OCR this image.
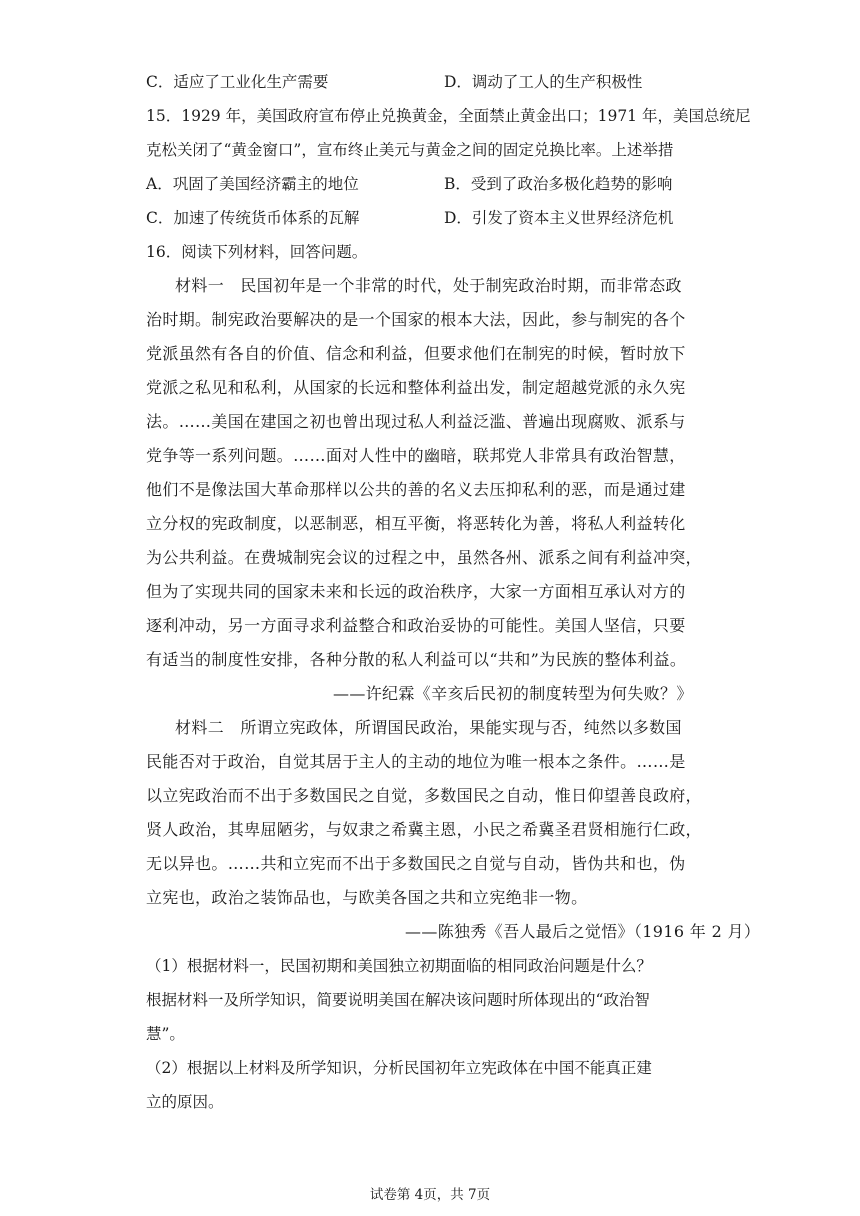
C．适应了工业化生产需要	D．调动了工人的生产积极性
15．1929 年，美国政府宣布停止兑换黄金，全面禁止黄金出口；1971 年，美国总统尼
克松关闭了“黄金窗口”，宣布终止美元与黄金之间的固定兑换比率。上述举措
A．巩固了美国经济霸主的地位	B．受到了政治多极化趋势的影响
C．加速了传统货币体系的瓦解	D．引发了资本主义世界经济危机
16．阅读下列材料，回答问题。
材料一　民国初年是一个非常的时代，处于制宪政治时期，而非常态政
治时期。制宪政治要解决的是一个国家的根本大法，因此，参与制宪的各个
党派虽然有各自的价值、信念和利益，但要求他们在制宪的时候，暂时放下
党派之私见和私利，从国家的长远和整体利益出发，制定超越党派的永久宪
法。……美国在建国之初也曾出现过私人利益泛滥、普遍出现腐败、派系与
党争等一系列问题。……面对人性中的幽暗，联邦党人非常具有政治智慧，
他们不是像法国大革命那样以公共的善的名义去压抑私利的恶，而是通过建
立分权的宪政制度，以恶制恶，相互平衡，将恶转化为善，将私人利益转化
为公共利益。在费城制宪会议的过程之中，虽然各州、派系之间有利益冲突，
但为了实现共同的国家未来和长远的政治秩序，大家一方面相互承认对方的
逐利冲动，另一方面寻求利益整合和政治妥协的可能性。美国人坚信，只要
有适当的制度性安排，各种分散的私人利益可以“共和”为民族的整体利益。
——许纪霖《辛亥后民初的制度转型为何失败？》
材料二　所谓立宪政体，所谓国民政治，果能实现与否，纯然以多数国
民能否对于政治，自觉其居于主人的主动的地位为唯一根本之条件。……是
以立宪政治而不出于多数国民之自觉，多数国民之自动，惟日仰望善良政府，
贤人政治，其卑屈陋劣，与奴隶之希冀主恩，小民之希冀圣君贤相施行仁政，
无以异也。……共和立宪而不出于多数国民之自觉与自动，皆伪共和也，伪
立宪也，政治之装饰品也，与欧美各国之共和立宪绝非一物。
——陈独秀《吾人最后之觉悟》（1916 年 2 月）
（1）根据材料一，民国初期和美国独立初期面临的相同政治问题是什么？
根据材料一及所学知识，简要说明美国在解决该问题时所体现出的“政治智
慧”。
（2）根据以上材料及所学知识，分析民国初年立宪政体在中国不能真正建
立的原因。
试卷第 4页，共 7页
